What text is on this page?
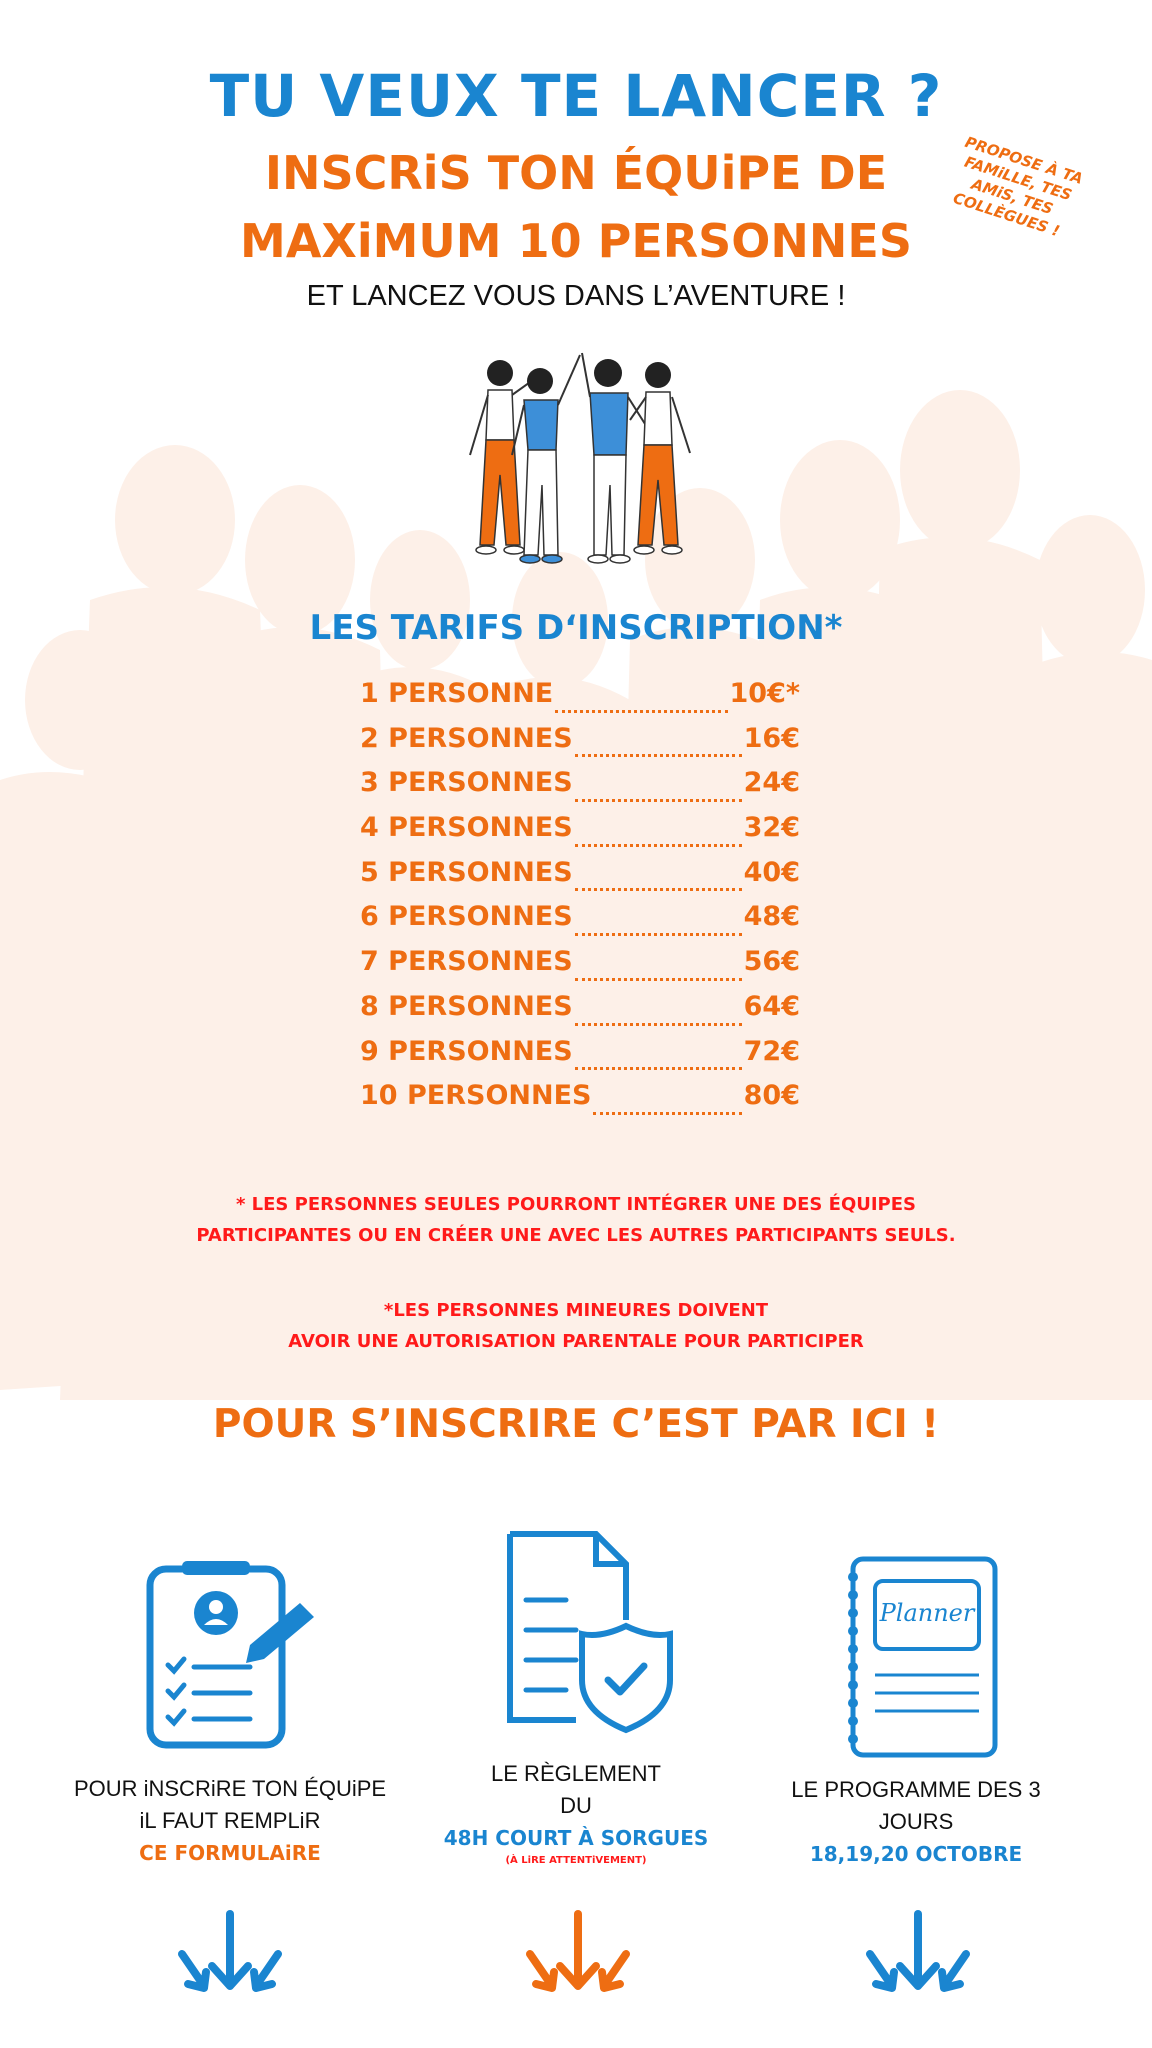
TU VEUX TE LANCER ?
INSCRiS TON ÉQUiPE DE
MAXiMUM 10 PERSONNES
ET LANCEZ VOUS DANS L’AVENTURE !
PROPOSE À TA FAMiLLE, TES AMiS, TES COLLÈGUES !
LES TARIFS D‘INSCRIPTION*
1 PERSONNE	10€*
2 PERSONNES	16€
3 PERSONNES	24€
4 PERSONNES	32€
5 PERSONNES	40€
6 PERSONNES	48€
7 PERSONNES	56€
8 PERSONNES	64€
9 PERSONNES	72€
10 PERSONNES	80€
* LES PERSONNES SEULES POURRONT INTÉGRER UNE DES ÉQUIPES
PARTICIPANTES OU EN CRÉER UNE AVEC LES AUTRES PARTICIPANTS SEULS.
*LES PERSONNES MINEURES DOIVENT
AVOIR UNE AUTORISATION PARENTALE POUR PARTICIPER
POUR S’INSCRIRE C’EST PAR ICI !
POUR iNSCRiRE TON ÉQUiPE
iL FAUT REMPLiR
CE FORMULAiRE
LE RÈGLEMENT
DU
48H COURT À SORGUES
(À LiRE ATTENTiVEMENT)
Planner
LE PROGRAMME DES 3
JOURS
18,19,20 OCTOBRE
